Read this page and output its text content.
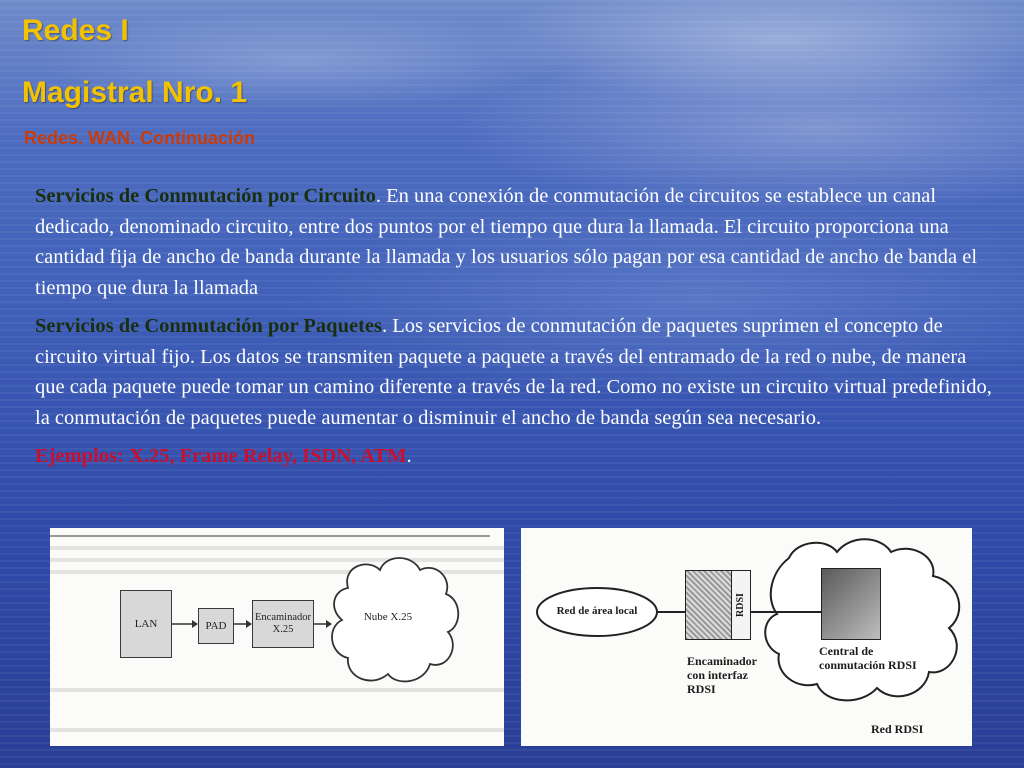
Redes I
Magistral Nro. 1
Redes. WAN. Continuación

Servicios de Conmutación por Circuito. En una conexión de conmutación de circuitos se establece un canal dedicado, denominado circuito, entre dos puntos por el tiempo que dura la llamada. El circuito proporciona una cantidad fija de ancho de banda durante la llamada y los usuarios sólo pagan por esa cantidad de ancho de banda el tiempo que dura la llamada

Servicios de Conmutación por Paquetes. Los servicios de conmutación de paquetes suprimen el concepto de circuito virtual fijo. Los datos se transmiten paquete a paquete a través del entramado de la red o nube, de manera que cada paquete puede tomar un camino diferente a través de la red. Como no existe un circuito virtual predefinido, la conmutación de paquetes puede aumentar o disminuir el ancho de banda según sea necesario.

Ejemplos: X.25, Frame Relay, ISDN, ATM.

LAN	PAD
Encaminador X.25
Nube X.25	Red de área local	RDSI
Encaminador con interfaz RDSI
Central de conmutación RDSI
Red RDSI
